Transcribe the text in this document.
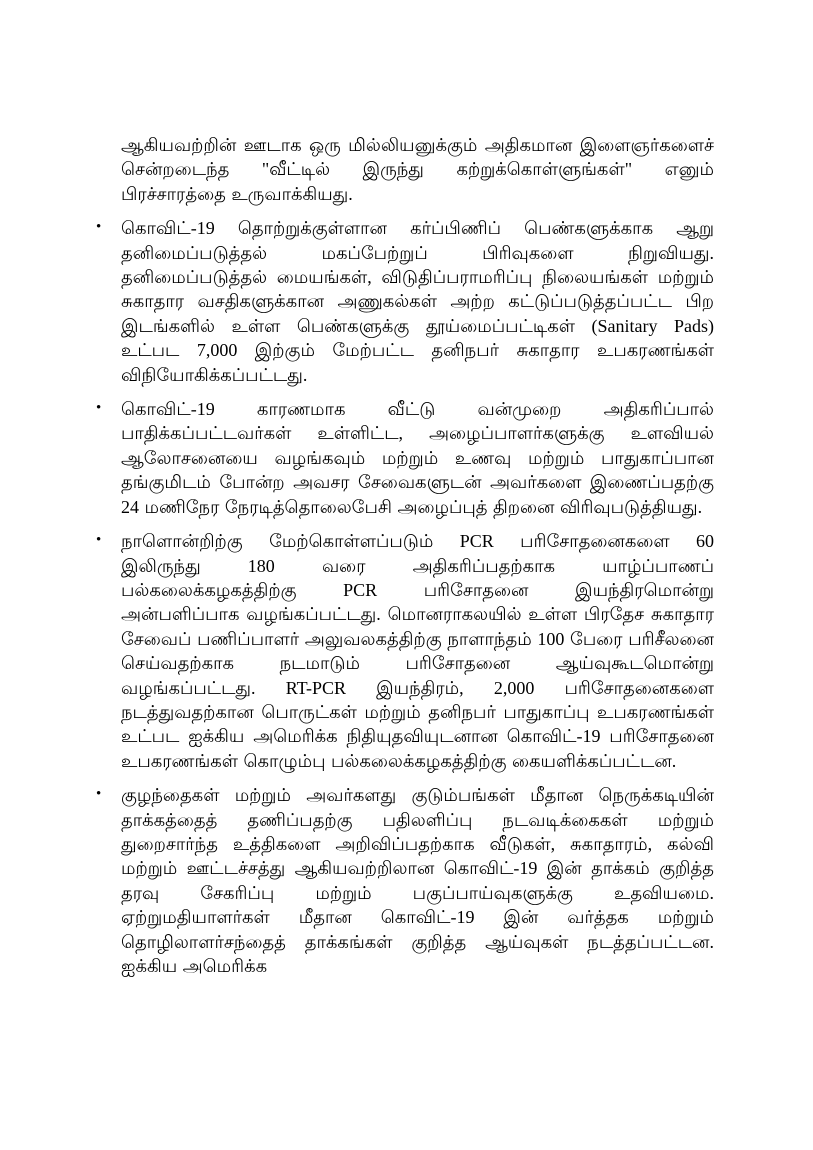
ஆகியவற்றின் ஊடாக ஒரு மில்லியனுக்கும் அதிகமான இளைஞர்களைச் சென்றடைந்த "வீட்டில் இருந்து கற்றுக்கொள்ளுங்கள்" எனும் பிரச்சாரத்தை உருவாக்கியது.

• கொவிட்-19 தொற்றுக்குள்ளான கர்ப்பிணிப் பெண்களுக்காக ஆறு தனிமைப்படுத்தல் மகப்பேற்றுப் பிரிவுகளை நிறுவியது. தனிமைப்படுத்தல் மையங்கள், விடுதிப்பராமரிப்பு நிலையங்கள் மற்றும் சுகாதார வசதிகளுக்கான அணுகல்கள் அற்ற கட்டுப்படுத்தப்பட்ட பிற இடங்களில் உள்ள பெண்களுக்கு தூய்மைப்பட்டிகள் (Sanitary Pads) உட்பட 7,000 இற்கும் மேற்பட்ட தனிநபர் சுகாதார உபகரணங்கள் விநியோகிக்கப்பட்டது.

• கொவிட்-19 காரணமாக வீட்டு வன்முறை அதிகரிப்பால் பாதிக்கப்பட்டவர்கள் உள்ளிட்ட, அழைப்பாளர்களுக்கு உளவியல் ஆலோசனையை வழங்கவும் மற்றும் உணவு மற்றும் பாதுகாப்பான தங்குமிடம் போன்ற அவசர சேவைகளுடன் அவர்களை இணைப்பதற்கு 24 மணிநேர நேரடித்தொலைபேசி அழைப்புத் திறனை விரிவுபடுத்தியது.

• நாளொன்றிற்கு மேற்கொள்ளப்படும் PCR பரிசோதனைகளை 60 இலிருந்து 180 வரை அதிகரிப்பதற்காக யாழ்ப்பாணப் பல்கலைக்கழகத்திற்கு PCR பரிசோதனை இயந்திரமொன்று அன்பளிப்பாக வழங்கப்பட்டது. மொனராகலயில் உள்ள பிரதேச சுகாதார சேவைப் பணிப்பாளர் அலுவலகத்திற்கு நாளாந்தம் 100 பேரை பரிசீலனை செய்வதற்காக நடமாடும் பரிசோதனை ஆய்வுகூடமொன்று வழங்கப்பட்டது. RT-PCR இயந்திரம், 2,000 பரிசோதனைகளை நடத்துவதற்கான பொருட்கள் மற்றும் தனிநபர் பாதுகாப்பு உபகரணங்கள் உட்பட ஐக்கிய அமெரிக்க நிதியுதவியுடனான கொவிட்-19 பரிசோதனை உபகரணங்கள் கொழும்பு பல்கலைக்கழகத்திற்கு கையளிக்கப்பட்டன.

• குழந்தைகள் மற்றும் அவர்களது குடும்பங்கள் மீதான நெருக்கடியின் தாக்கத்தைத் தணிப்பதற்கு பதிலளிப்பு நடவடிக்கைகள் மற்றும் துறைசார்ந்த உத்திகளை அறிவிப்பதற்காக வீடுகள், சுகாதாரம், கல்வி மற்றும் ஊட்டச்சத்து ஆகியவற்றிலான கொவிட்-19 இன் தாக்கம் குறித்த தரவு சேகரிப்பு மற்றும் பகுப்பாய்வுகளுக்கு உதவியமை. ஏற்றுமதியாளர்கள் மீதான கொவிட்-19 இன் வர்த்தக மற்றும் தொழிலாளர்சந்தைத் தாக்கங்கள் குறித்த ஆய்வுகள் நடத்தப்பட்டன. ஐக்கிய அமெரிக்க
